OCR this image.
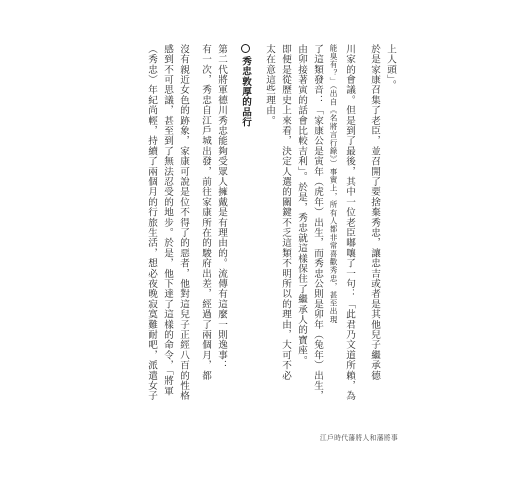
上人頭」。
於是家康召集了老臣，並召開了要捨棄秀忠，讓忠吉或者是其他兒子繼承德
川家的會議。但是到了最後，其中一位老臣嘟嚷了一句：「此君乃文道所賴，為
能臭有？」（出自《名將言行錄》）事實上，所有人都非常喜歡秀忠，甚至出現
了這類發音：「家康公是寅年（虎年）出生，而秀忠公則是卯年（兔年）出生，
由卯接著寅的話會比較吉利」。於是，秀忠就這樣保住了繼承人的寶座。
即便是從歷史上來看，決定人選的關鍵不乏這類不明所以的理由，大可不必
太在意這些理由。
秀忠敦厚的品行
第二代將軍德川秀忠能夠受眾人擁戴是有理由的。流傳有這麼一則逸事：
有一次，秀忠自江戶城出發，前往家康所在的駿府出差，經過了兩個月，都
沒有親近女色的跡象，家康可說是位不得了的惡者，他對這兒子正經八百的性格
感到不可思議，甚至到了無法忍受的地步。於是，他下達了這樣的命令，「將軍
（秀忠）年紀尚輕，持續了兩個月的行旅生活，想必夜晚寂寞難耐吧，派遣女子
江戶時代藩將人和藩將事
